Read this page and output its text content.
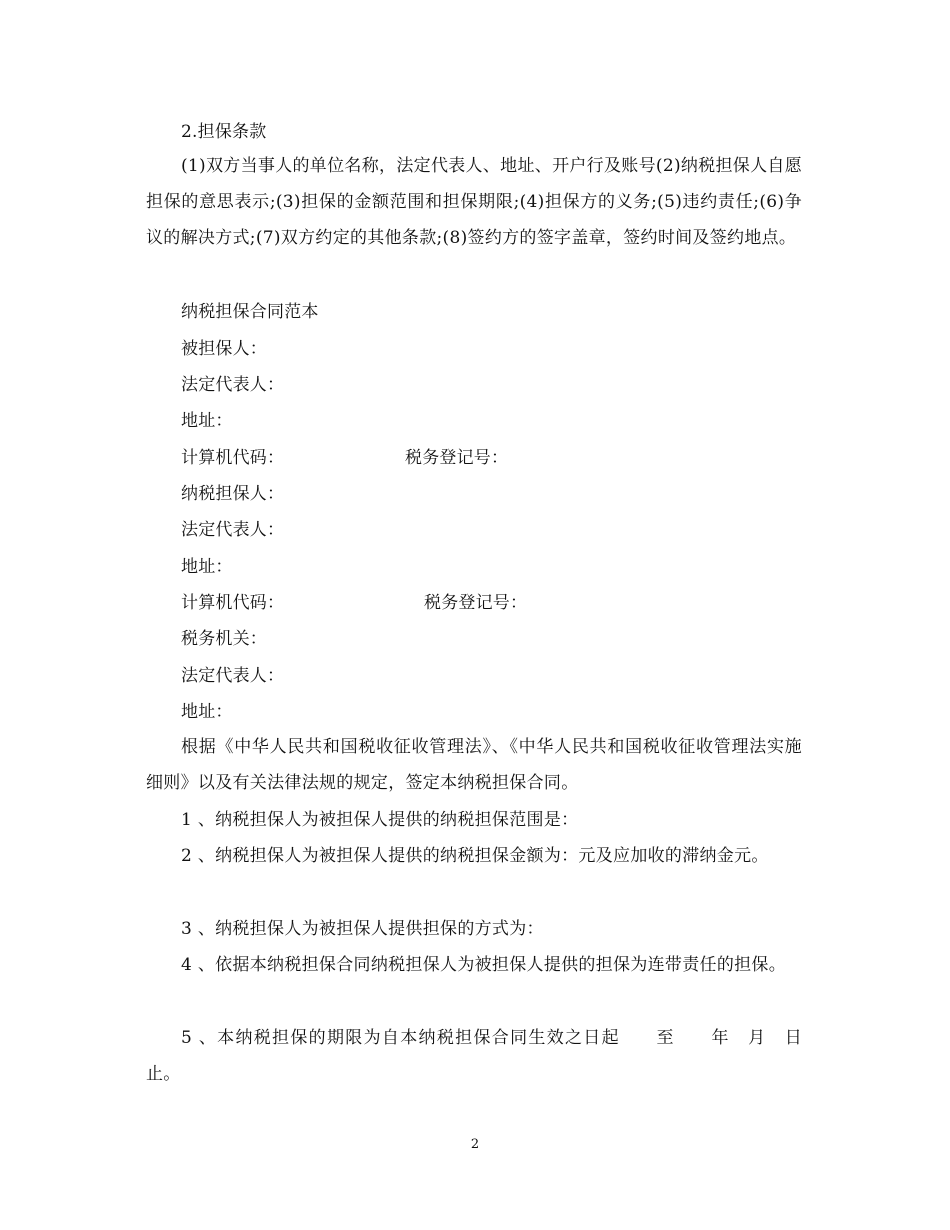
2.担保条款
(1)双方当事人的单位名称，法定代表人、地址、开户行及账号(2)纳税担保人自愿担保的意思表示;(3)担保的金额范围和担保期限;(4)担保方的义务;(5)违约责任;(6)争议的解决方式;(7)双方约定的其他条款;(8)签约方的签字盖章，签约时间及签约地点。
纳税担保合同范本
被担保人：
法定代表人：
地址：
计算机代码：	税务登记号：
纳税担保人：
法定代表人：
地址：
计算机代码：	税务登记号：
税务机关：
法定代表人：
地址：
根据《中华人民共和国税收征收管理法》、《中华人民共和国税收征收管理法实施细则》以及有关法律法规的规定，签定本纳税担保合同。
1 、纳税担保人为被担保人提供的纳税担保范围是：
2 、纳税担保人为被担保人提供的纳税担保金额为：元及应加收的滞纳金元。
3 、纳税担保人为被担保人提供担保的方式为：
4 、依据本纳税担保合同纳税担保人为被担保人提供的担保为连带责任的担保。
5 、本纳税担保的期限为自本纳税担保合同生效之日起　　至　　年　月　日止。
2
